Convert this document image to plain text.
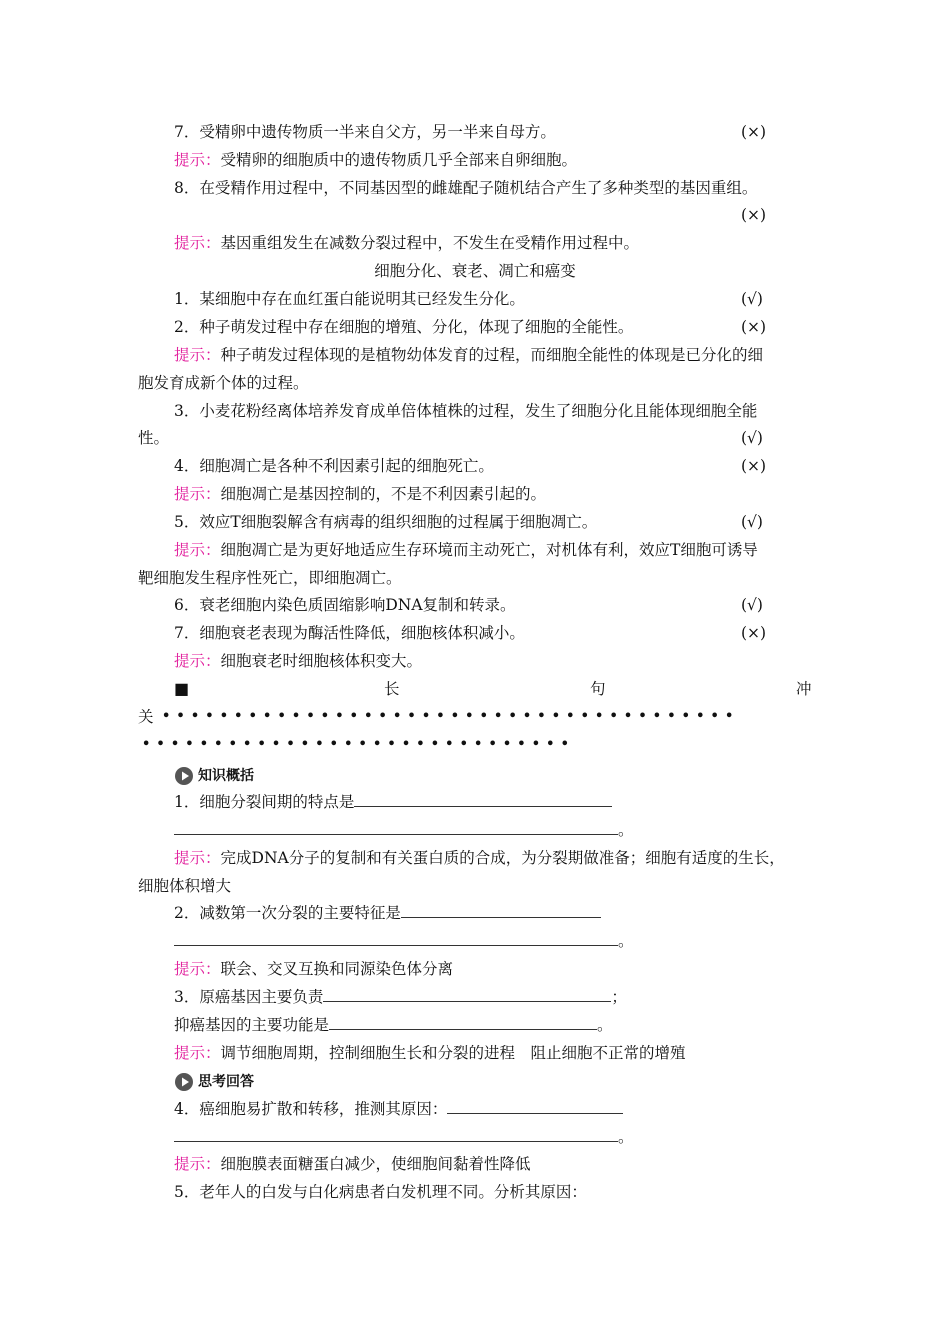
7．受精卵中遗传物质一半来自父方，另一半来自母方。	(×)
提示：受精卵的细胞质中的遗传物质几乎全部来自卵细胞。
8．在受精作用过程中，不同基因型的雌雄配子随机结合产生了多种类型的基因重组。
(×)
提示：基因重组发生在减数分裂过程中，不发生在受精作用过程中。
细胞分化、衰老、凋亡和癌变
1．某细胞中存在血红蛋白能说明其已经发生分化。	(√)
2．种子萌发过程中存在细胞的增殖、分化，体现了细胞的全能性。	(×)
提示：种子萌发过程体现的是植物幼体发育的过程，而细胞全能性的体现是已分化的细
胞发育成新个体的过程。
3．小麦花粉经离体培养发育成单倍体植株的过程，发生了细胞分化且能体现细胞全能
性。	(√)
4．细胞凋亡是各种不利因素引起的细胞死亡。	(×)
提示：细胞凋亡是基因控制的，不是不利因素引起的。
5．效应T细胞裂解含有病毒的组织细胞的过程属于细胞凋亡。	(√)
提示：细胞凋亡是为更好地适应生存环境而主动死亡，对机体有利，效应T细胞可诱导
靶细胞发生程序性死亡，即细胞凋亡。
6．衰老细胞内染色质固缩影响DNA复制和转录。	(√)
7．细胞衰老表现为酶活性降低，细胞核体积减小。	(×)
提示：细胞衰老时细胞核体积变大。
■	长	句	冲
关 • • • • • • • • • • • • • • • • • • • • • • • • • • • • • • • • • • • • • • • •
• • • • • • • • • • • • • • • • • • • • • • • • • • • • • •
知识概括
1．细胞分裂间期的特点是
。
提示：完成DNA分子的复制和有关蛋白质的合成，为分裂期做准备；细胞有适度的生长，
细胞体积增大
2．减数第一次分裂的主要特征是
。
提示：联会、交叉互换和同源染色体分离
3．原癌基因主要负责	；
抑癌基因的主要功能是	。
提示：调节细胞周期，控制细胞生长和分裂的进程　阻止细胞不正常的增殖
思考回答
4．癌细胞易扩散和转移，推测其原因：
。
提示：细胞膜表面糖蛋白减少，使细胞间黏着性降低
5．老年人的白发与白化病患者白发机理不同。分析其原因：
